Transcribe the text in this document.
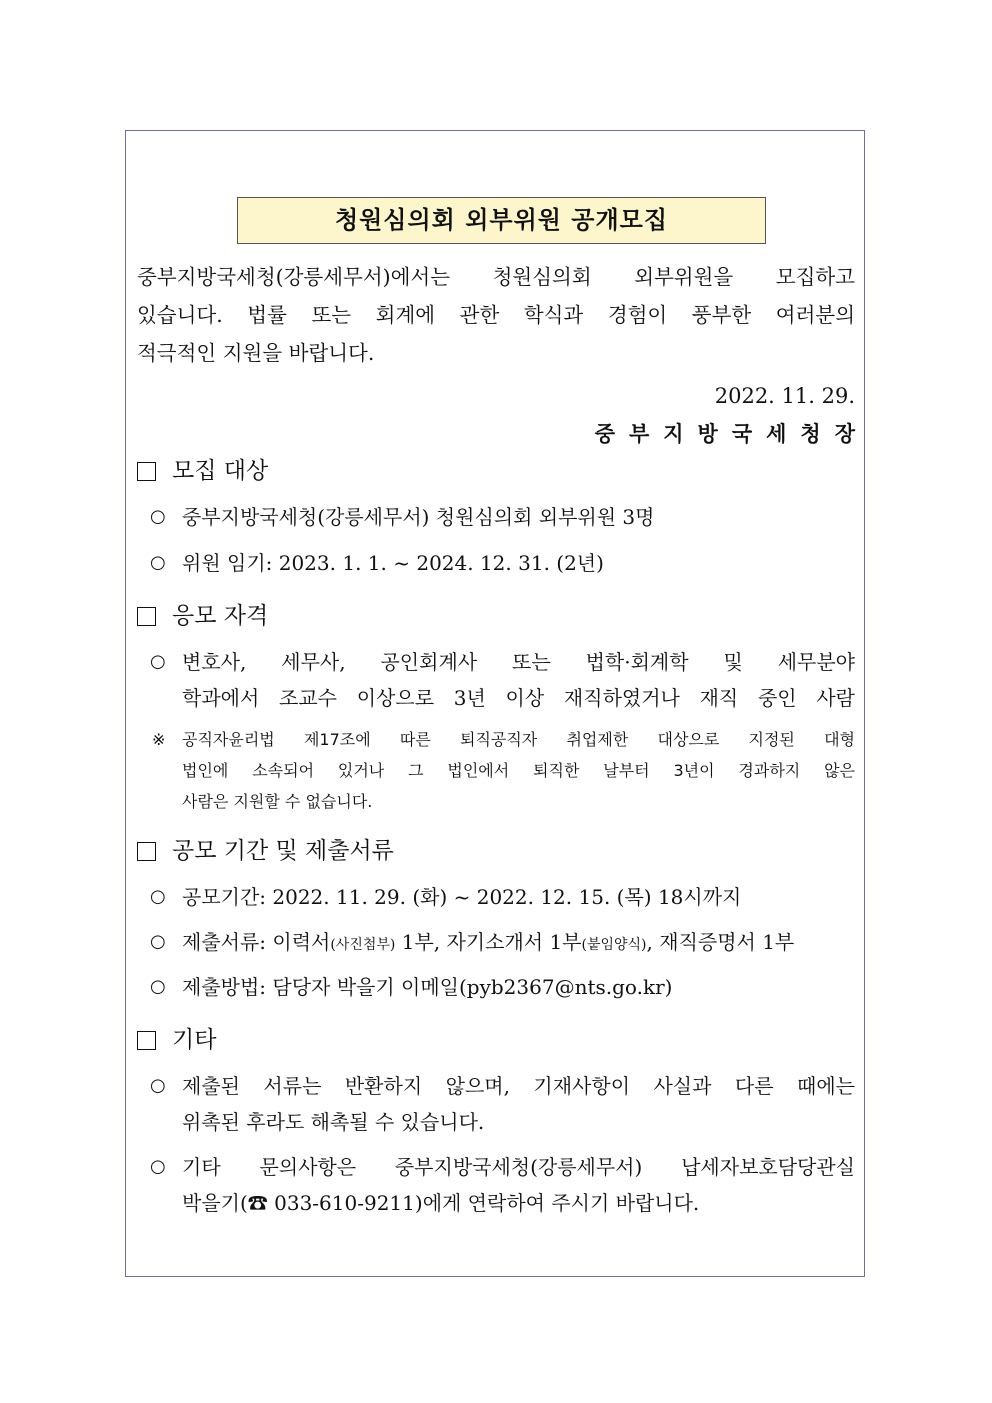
청원심의회 외부위원 공개모집
중부지방국세청(강릉세무서)에서는 청원심의회 외부위원을 모집하고
있습니다. 법률 또는 회계에 관한 학식과 경험이 풍부한 여러분의
적극적인 지원을 바랍니다.
2022. 11. 29.
중부지방국세청장
모집 대상
○ 중부지방국세청(강릉세무서) 청원심의회 외부위원 3명
○ 위원 임기: 2023. 1. 1. ~ 2024. 12. 31. (2년)
응모 자격
○ 변호사, 세무사, 공인회계사 또는 법학·회계학 및 세무분야
학과에서 조교수 이상으로 3년 이상 재직하였거나 재직 중인 사람
※	공직자윤리법 제17조에 따른 퇴직공직자 취업제한 대상으로 지정된 대형
법인에 소속되어 있거나 그 법인에서 퇴직한 날부터 3년이 경과하지 않은
사람은 지원할 수 없습니다.
공모 기간 및 제출서류
○ 공모기간: 2022. 11. 29. (화) ~ 2022. 12. 15. (목) 18시까지
○ 제출서류: 이력서(사진첨부) 1부, 자기소개서 1부(붙임양식), 재직증명서 1부
○ 제출방법: 담당자 박을기 이메일(pyb2367@nts.go.kr)
기타
○ 제출된 서류는 반환하지 않으며, 기재사항이 사실과 다른 때에는
위촉된 후라도 해촉될 수 있습니다.
○ 기타 문의사항은 중부지방국세청(강릉세무서) 납세자보호담당관실
박을기(☎ 033-610-9211)에게 연락하여 주시기 바랍니다.
